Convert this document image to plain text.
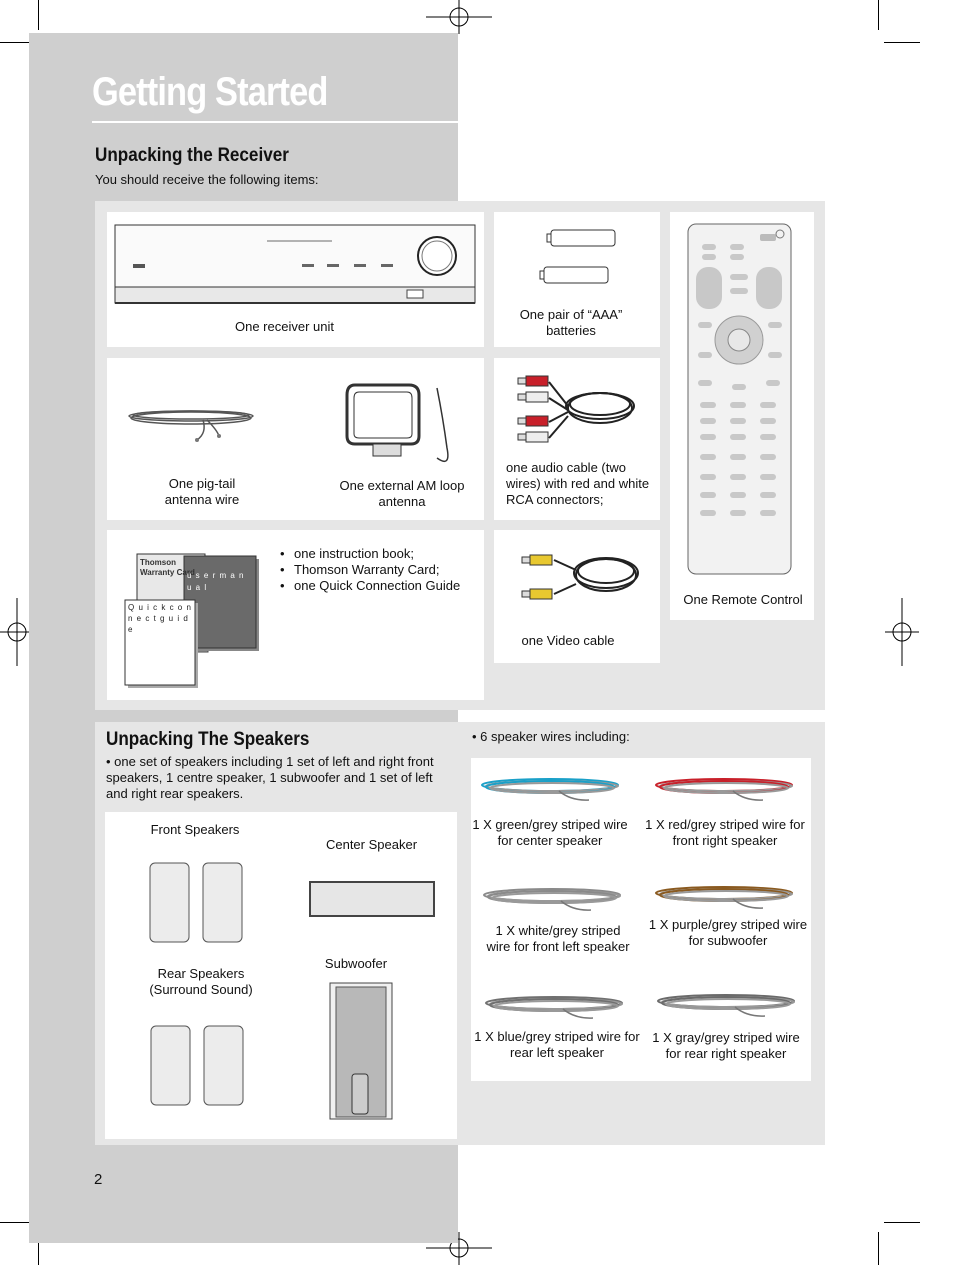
Getting Started
Unpacking the Receiver
You should receive the following items:
One receiver unit
One pair of “AAA” batteries
One Remote Control
One pig-tail antenna wire
One external AM loop antenna
one audio cable (two wires) with red and white RCA connectors;
Thomson Warranty Card
u s e r m a n u a l
Q u i c k c o n n e c t g u i d e
• one instruction book;
• Thomson Warranty Card;
• one Quick Connection Guide
one Video cable
Unpacking The Speakers
• one set of speakers including 1 set of left and right front speakers, 1 centre speaker, 1 subwoofer and 1 set of left and right rear speakers.
Front Speakers
Center Speaker
Rear Speakers (Surround Sound)
Subwoofer
• 6 speaker wires including:
1 X green/grey striped wire for center speaker
1 X red/grey striped wire for front right speaker
1 X white/grey striped wire for front left speaker
1 X purple/grey striped wire for subwoofer
1 X blue/grey striped wire for rear left speaker
1 X gray/grey striped wire for rear right speaker
2
